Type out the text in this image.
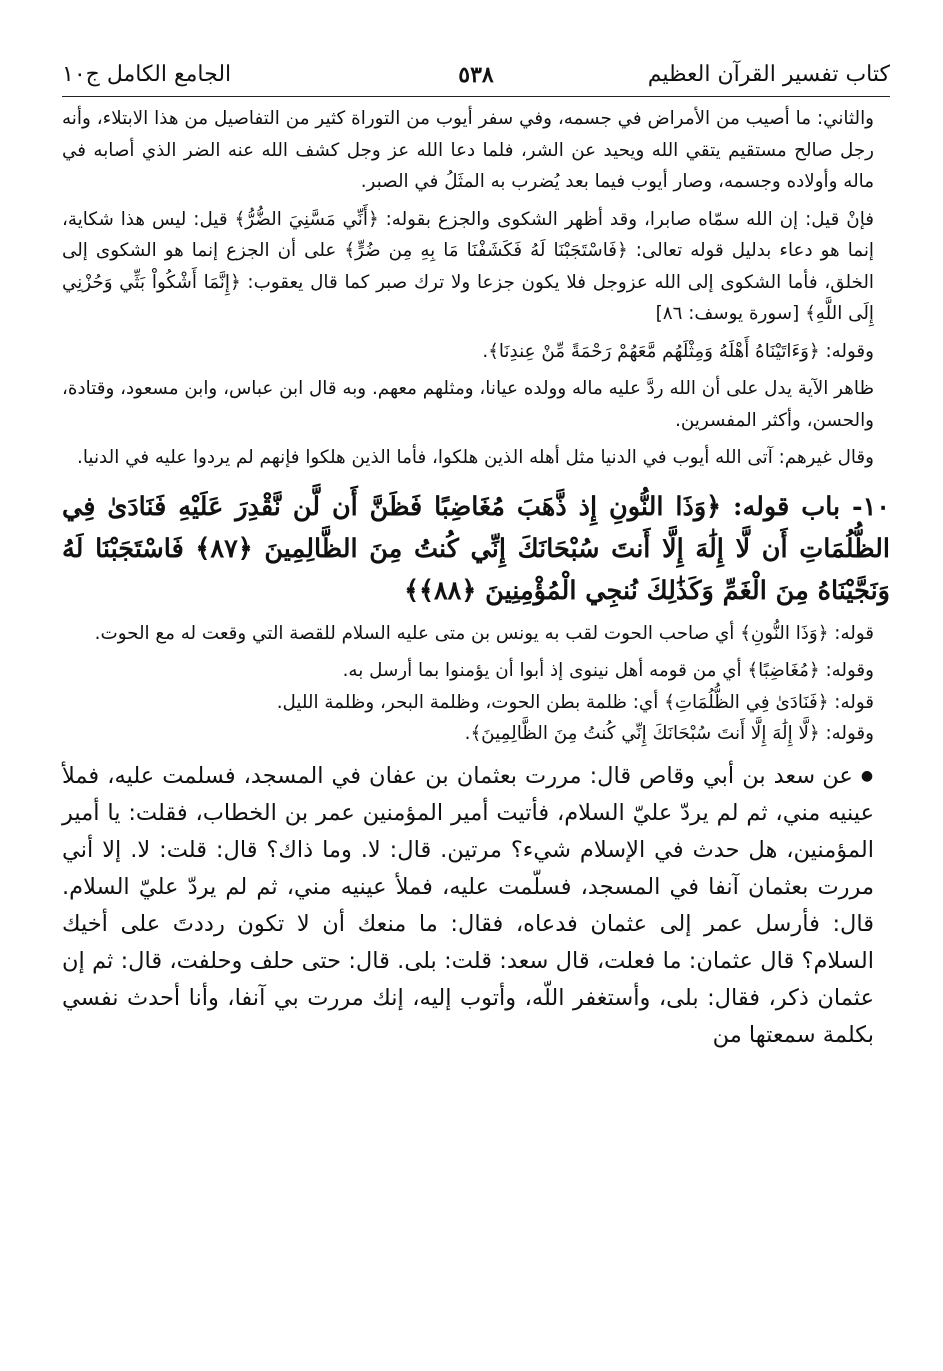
كتاب تفسير القرآن العظيم
٥٣٨
الجامع الكامل ج١٠

والثاني: ما أصيب من الأمراض في جسمه، وفي سفر أيوب من التوراة كثير من التفاصيل من هذا الابتلاء، وأنه رجل صالح مستقيم يتقي الله ويحيد عن الشر، فلما دعا الله عز وجل كشف الله عنه الضر الذي أصابه في ماله وأولاده وجسمه، وصار أيوب فيما بعد يُضرب به المثَلُ في الصبر.

فإنْ قيل: إن الله سمّاه صابرا، وقد أظهر الشكوى والجزع بقوله: ﴿أَنِّي مَسَّنِيَ الضُّرُّ﴾ قيل: ليس هذا شكاية، إنما هو دعاء بدليل قوله تعالى: ﴿فَاسْتَجَبْنَا لَهُ فَكَشَفْنَا مَا بِهِ مِن ضُرٍّ﴾ على أن الجزع إنما هو الشكوى إلى الخلق، فأما الشكوى إلى الله عزوجل فلا يكون جزعا ولا ترك صبر كما قال يعقوب: ﴿إِنَّمَا أَشْكُواْ بَثِّي وَحُزْنِي إِلَى اللَّهِ﴾ [سورة يوسف: ٨٦]

وقوله: ﴿وَءَاتَيْنَاهُ أَهْلَهُ وَمِثْلَهُم مَّعَهُمْ رَحْمَةً مِّنْ عِندِنَا﴾.

ظاهر الآية يدل على أن الله ردَّ عليه ماله وولده عيانا، ومثلهم معهم. وبه قال ابن عباس، وابن مسعود، وقتادة، والحسن، وأكثر المفسرين.

وقال غيرهم: آتى الله أيوب في الدنيا مثل أهله الذين هلكوا، فأما الذين هلكوا فإنهم لم يردوا عليه في الدنيا.

١٠- باب قوله: ﴿وَذَا النُّونِ إِذ ذَّهَبَ مُغَاضِبًا فَظَنَّ أَن لَّن نَّقْدِرَ عَلَيْهِ فَنَادَىٰ فِي الظُّلُمَاتِ أَن لَّا إِلَٰهَ إِلَّا أَنتَ سُبْحَانَكَ إِنِّي كُنتُ مِنَ الظَّالِمِينَ ﴿٨٧﴾ فَاسْتَجَبْنَا لَهُ وَنَجَّيْنَاهُ مِنَ الْغَمِّ وَكَذَٰلِكَ نُنجِي الْمُؤْمِنِينَ ﴿٨٨﴾﴾

قوله: ﴿وَذَا النُّونِ﴾ أي صاحب الحوت لقب به يونس بن متى عليه السلام للقصة التي وقعت له مع الحوت.

وقوله: ﴿مُغَاضِبًا﴾ أي من قومه أهل نينوى إذ أبوا أن يؤمنوا بما أرسل به.

قوله: ﴿فَنَادَىٰ فِي الظُّلُمَاتِ﴾ أي: ظلمة بطن الحوت، وظلمة البحر، وظلمة الليل.

وقوله: ﴿لَّا إِلَٰهَ إِلَّا أَنتَ سُبْحَانَكَ إِنِّي كُنتُ مِنَ الظَّالِمِينَ﴾.

● عن سعد بن أبي وقاص قال: مررت بعثمان بن عفان في المسجد، فسلمت عليه، فملأ عينيه مني، ثم لم يردّ عليّ السلام، فأتيت أمير المؤمنين عمر بن الخطاب، فقلت: يا أمير المؤمنين، هل حدث في الإسلام شيء؟ مرتين. قال: لا. وما ذاك؟ قال: قلت: لا. إلا أني مررت بعثمان آنفا في المسجد، فسلّمت عليه، فملأ عينيه مني، ثم لم يردّ عليّ السلام. قال: فأرسل عمر إلى عثمان فدعاه، فقال: ما منعك أن لا تكون رددتَ على أخيك السلام؟ قال عثمان: ما فعلت، قال سعد: قلت: بلى. قال: حتى حلف وحلفت، قال: ثم إن عثمان ذكر، فقال: بلى، وأستغفر اللّه، وأتوب إليه، إنك مررت بي آنفا، وأنا أحدث نفسي بكلمة سمعتها من
